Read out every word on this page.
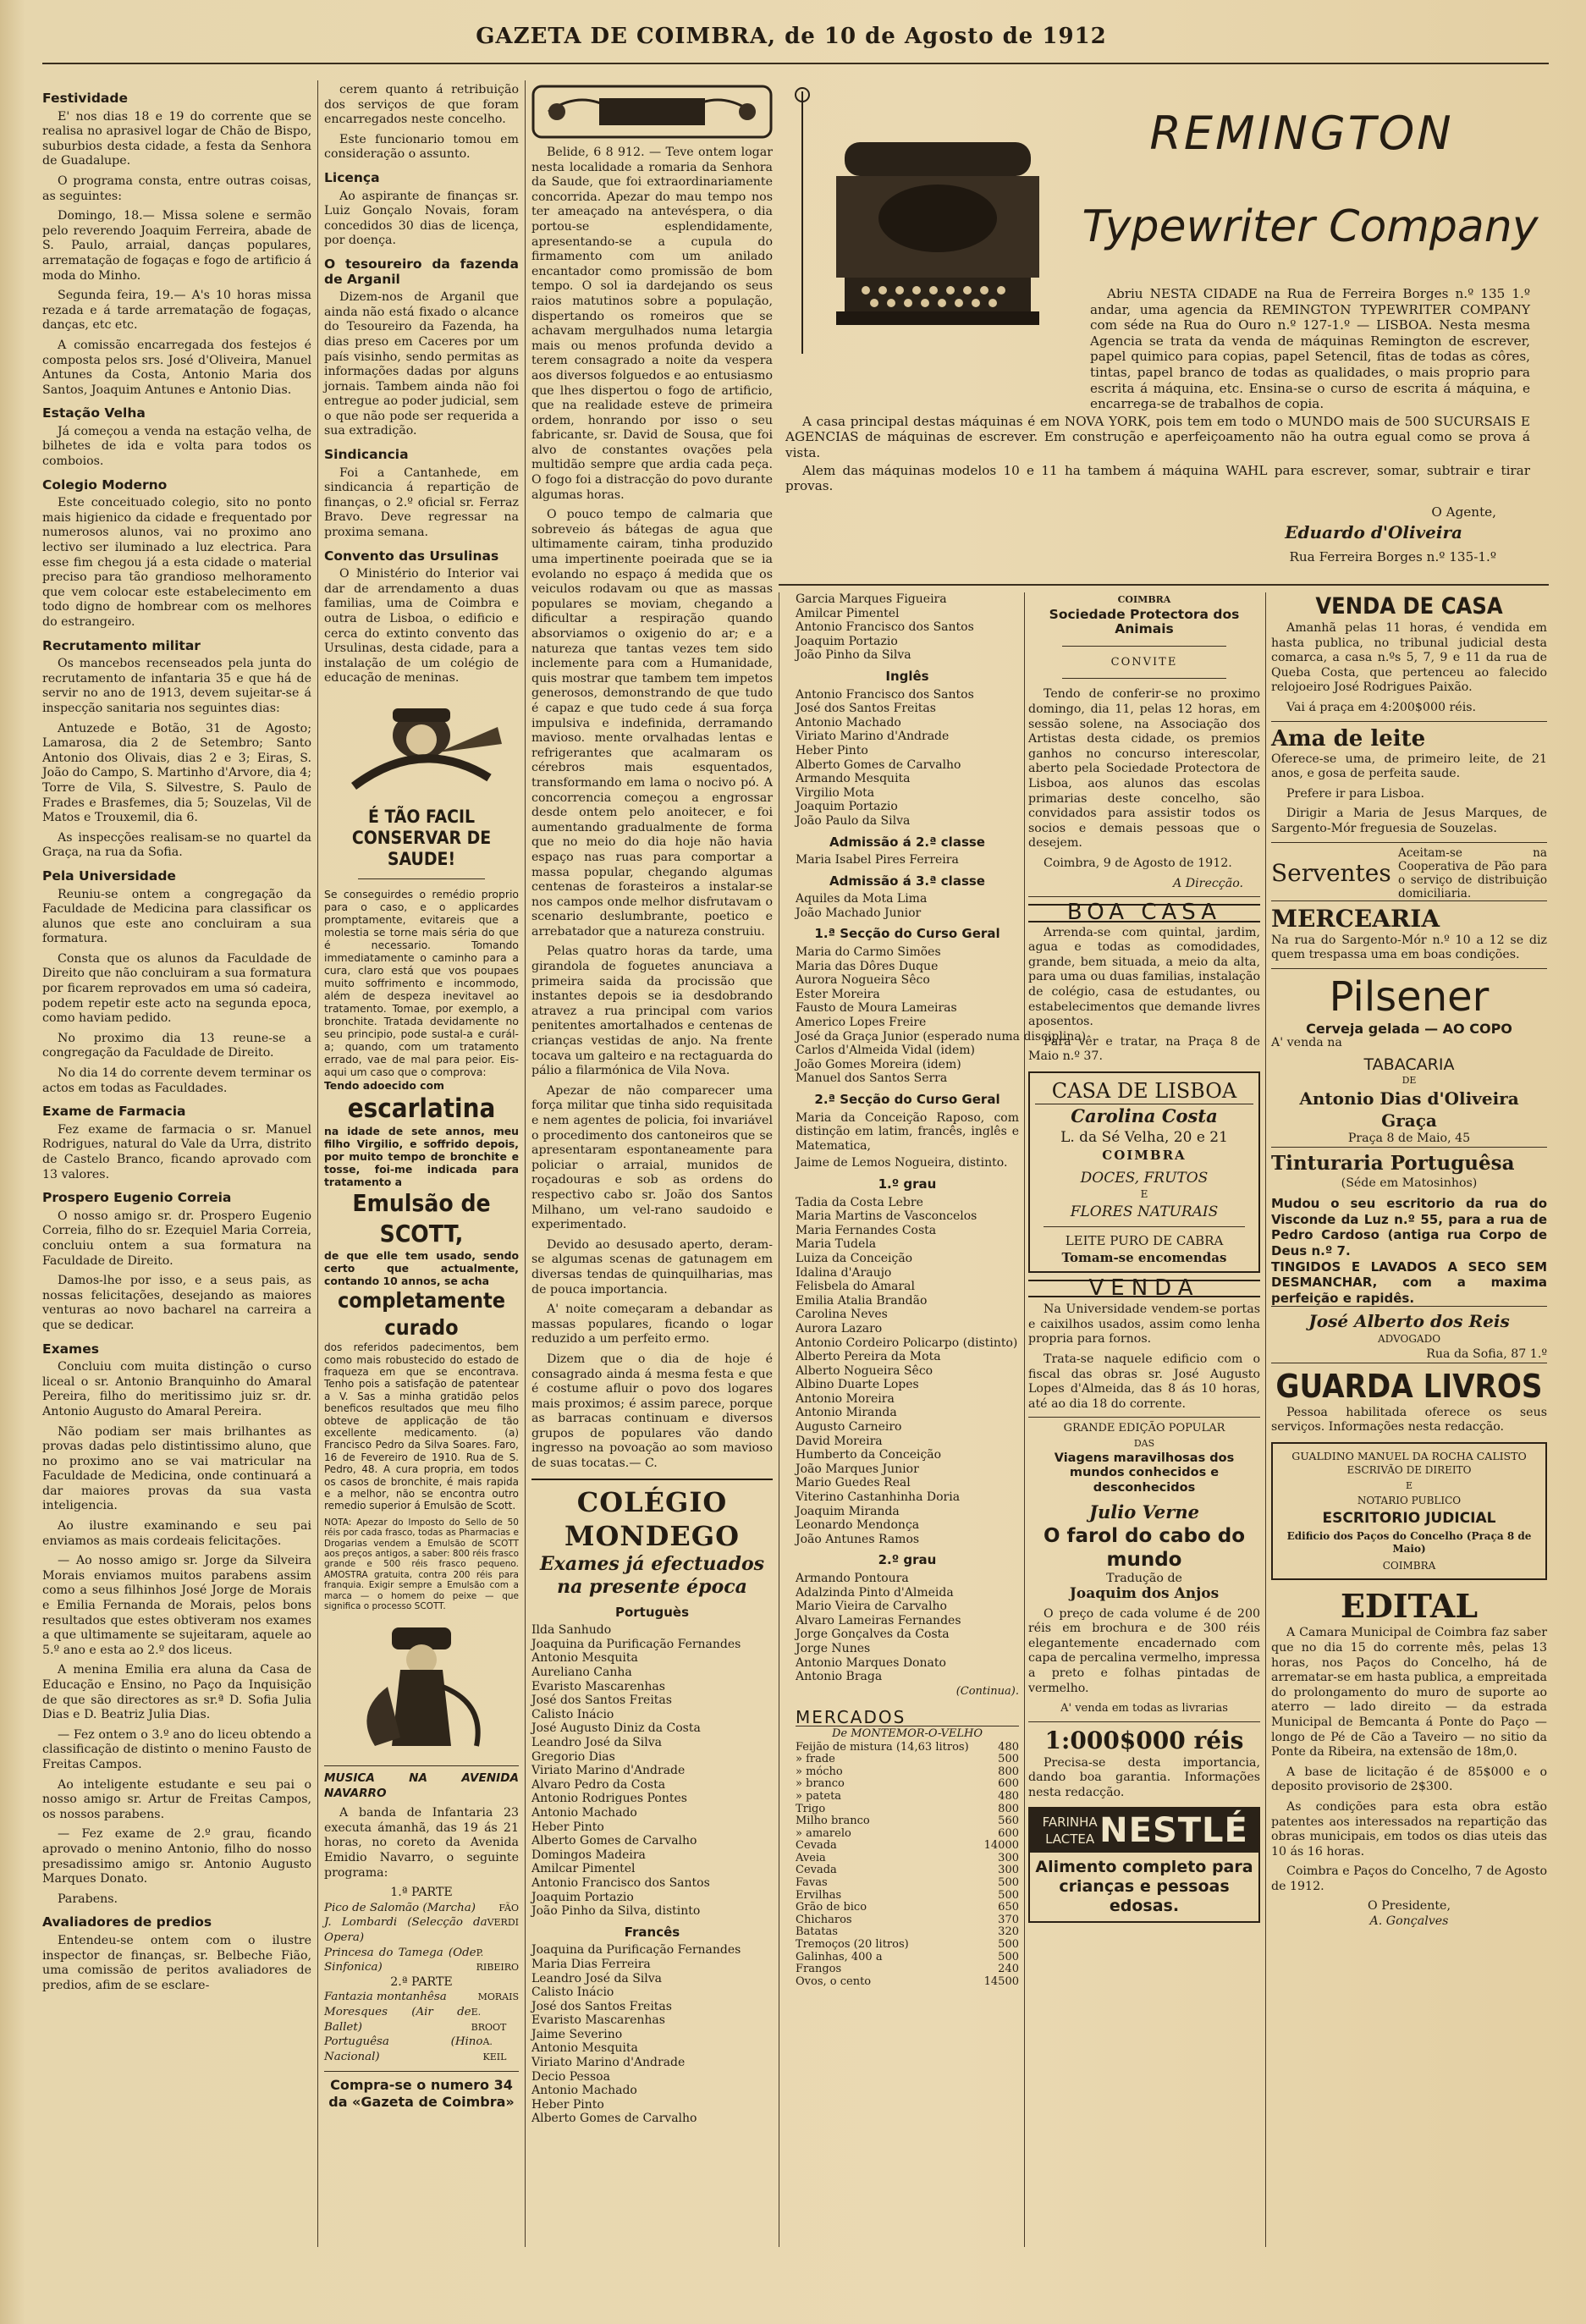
GAZETA DE COIMBRA, de 10 de Agosto de 1912
Festividade

E' nos dias 18 e 19 do corrente que se realisa no aprasivel logar de Chão de Bispo, suburbios desta cidade, a festa da Senhora de Guadalupe.

O programa consta, entre outras coisas, as seguintes:

Domingo, 18.— Missa solene e sermão pelo reverendo Joaquim Ferreira, abade de S. Paulo, arraial, danças populares, arrematação de fogaças e fogo de artificio á moda do Minho.

Segunda feira, 19.— A's 10 horas missa rezada e á tarde arrematação de fogaças, danças, etc etc.

A comissão encarregada dos festejos é composta pelos srs. José d'Oliveira, Manuel Antunes da Costa, Antonio Maria dos Santos, Joaquim Antunes e Antonio Dias.

Estação Velha

Já começou a venda na estação velha, de bilhetes de ida e volta para todos os comboios.

Colegio Moderno

Este conceituado colegio, sito no ponto mais higienico da cidade e frequentado por numerosos alunos, vai no proximo ano lectivo ser iluminado a luz electrica. Para esse fim chegou já a esta cidade o material preciso para tão grandioso melhoramento que vem colocar este estabelecimento em todo digno de hombrear com os melhores do estrangeiro.

Recrutamento militar

Os mancebos recenseados pela junta do recrutamento de infantaria 35 e que há de servir no ano de 1913, devem sujeitar-se á inspecção sanitaria nos seguintes dias:

Antuzede e Botão, 31 de Agosto; Lamarosa, dia 2 de Setembro; Santo Antonio dos Olivais, dias 2 e 3; Eiras, S. João do Campo, S. Martinho d'Arvore, dia 4; Torre de Vila, S. Silvestre, S. Paulo de Frades e Brasfemes, dia 5; Souzelas, Vil de Matos e Trouxemil, dia 6.

As inspecções realisam-se no quartel da Graça, na rua da Sofia.

Pela Universidade

Reuniu-se ontem a congregação da Faculdade de Medicina para classificar os alunos que este ano concluiram a sua formatura.

Consta que os alunos da Faculdade de Direito que não concluiram a sua formatura por ficarem reprovados em uma só cadeira, podem repetir este acto na segunda epoca, como haviam pedido.

No proximo dia 13 reune-se a congregação da Faculdade de Direito.

No dia 14 do corrente devem terminar os actos em todas as Faculdades.

Exame de Farmacia

Fez exame de farmacia o sr. Manuel Rodrigues, natural do Vale da Urra, distrito de Castelo Branco, ficando aprovado com 13 valores.

Prospero Eugenio Correia

O nosso amigo sr. dr. Prospero Eugenio Correia, filho do sr. Ezequiel Maria Correia, concluiu ontem a sua formatura na Faculdade de Direito.

Damos-lhe por isso, e a seus pais, as nossas felicitações, desejando as maiores venturas ao novo bacharel na carreira a que se dedicar.

Exames

Concluiu com muita distinção o curso liceal o sr. Antonio Branquinho do Amaral Pereira, filho do meritissimo juiz sr. dr. Antonio Augusto do Amaral Pereira.

Não podiam ser mais brilhantes as provas dadas pelo distintissimo aluno, que no proximo ano se vai matricular na Faculdade de Medicina, onde continuará a dar maiores provas da sua vasta inteligencia.

Ao ilustre examinando e seu pai enviamos as mais cordeais felicitações.

— Ao nosso amigo sr. Jorge da Silveira Morais enviamos muitos parabens assim como a seus filhinhos José Jorge de Morais e Emilia Fernanda de Morais, pelos bons resultados que estes obtiveram nos exames a que ultimamente se sujeitaram, aquele ao 5.º ano e esta ao 2.º dos liceus.

A menina Emilia era aluna da Casa de Educação e Ensino, no Paço da Inquisição de que são directores as sr.ª D. Sofia Julia Dias e D. Beatriz Julia Dias.

— Fez ontem o 3.º ano do liceu obtendo a classificação de distinto o menino Fausto de Freitas Campos.

Ao inteligente estudante e seu pai o nosso amigo sr. Artur de Freitas Campos, os nossos parabens.

— Fez exame de 2.º grau, ficando aprovado o menino Antonio, filho do nosso presadissimo amigo sr. Antonio Augusto Marques Donato.

Parabens.

Avaliadores de predios

Entendeu-se ontem com o ilustre inspector de finanças, sr. Belbeche Fião, uma comissão de peritos avaliadores de predios, afim de se esclare-

cerem quanto á retribuição dos serviços de que foram encarregados neste concelho.

Este funcionario tomou em consideração o assunto.

Licença

Ao aspirante de finanças sr. Luiz Gonçalo Novais, foram concedidos 30 dias de licença, por doença.

O tesoureiro da fazenda de Arganil

Dizem-nos de Arganil que ainda não está fixado o alcance do Tesoureiro da Fazenda, ha dias preso em Caceres por um país visinho, sendo permitas as informações dadas por alguns jornais. Tambem ainda não foi entregue ao poder judicial, sem o que não pode ser requerida a sua extradição.

Sindicancia

Foi a Cantanhede, em sindicancia á repartição de finanças, o 2.º oficial sr. Ferraz Bravo. Deve regressar na proxima semana.

Convento das Ursulinas

O Ministério do Interior vai dar de arrendamento a duas familias, uma de Coimbra e outra de Lisboa, o edificio e cerca do extinto convento das Ursulinas, desta cidade, para a instalação de um colégio de educação de meninas.

É TÃO FACIL CONSERVAR DE SAUDE!
Se conseguirdes o remédio proprio para o caso, e o applicardes promptamente, evitareis que a molestia se torne mais séria do que é necessario. Tomando immediatamente o caminho para a cura, claro está que vos poupaes muito soffrimento e incommodo, além de despeza inevitavel ao tratamento. Tomae, por exemplo, a bronchite. Tratada devidamente no seu principio, pode sustal-a e curál-a; quando, com um tratamento errado, vae de mal para peior. Eis-aqui um caso que o comprova:
Tendo adoecido com
escarlatina
na idade de sete annos, meu filho Virgilio, e soffrido depois, por muito tempo de bronchite e tosse, foi-me indicada para tratamento a
Emulsão de SCOTT,
de que elle tem usado, sendo certo que actualmente, contando 10 annos, se acha
completamente curado
dos referidos padecimentos, bem como mais robustecido do estado de fraqueza em que se encontrava. Tenho pois a satisfação de patentear a V. Sas a minha gratidão pelos beneficos resultados que meu filho obteve de applicação de tão excellente medicamento. (a) Francisco Pedro da Silva Soares. Faro, 16 de Fevereiro de 1910. Rua de S. Pedro, 48. A cura propria, em todos os casos de bronchite, é mais rapida e a melhor, não se encontra outro remedio superior á Emulsão de Scott.
NOTA: Apezar do Imposto do Sello de 50 réis por cada frasco, todas as Pharmacias e Drogarias vendem a Emulsão de SCOTT aos preços antigos, a saber: 800 réis frasco grande e 500 réis frasco pequeno. AMOSTRA gratuita, contra 200 réis para franquia. Exigir sempre a Emulsão com a marca — o homem do peixe — que significa o processo SCOTT.
MUSICA NA AVENIDA NAVARRO

A banda de Infantaria 23 executa ámanhã, das 19 ás 21 horas, no coreto da Avenida Emidio Navarro, o seguinte programa:

1.ª PARTE
Pico de Salomão (Marcha) FÃO
J. Lombardi (Selecção da Opera)
VERDI
Princesa do Tamega (Ode Sinfonica)
P. RIBEIRO
2.ª PARTE
Fantazia montanhêsa	MORAIS
Moresques (Air de Ballet)
E. BROOT
Portuguêsa (Hino Nacional)
A. KEIL
Compra-se o numero 34 da «Gazeta de Coimbra»

Belide, 6 8 912. — Teve ontem logar nesta localidade a romaria da Senhora da Saude, que foi extraordinariamente concorrida. Apezar do mau tempo nos ter ameaçado na antevéspera, o dia portou-se esplendidamente, apresentando-se a cupula do firmamento com um anilado encantador como promissão de bom tempo. O sol ia dardejando os seus raios matutinos sobre a população, dispertando os romeiros que se achavam mergulhados numa letargia mais ou menos profunda devido a terem consagrado a noite da vespera aos diversos folguedos e ao entusiasmo que lhes dispertou o fogo de artificio, que na realidade esteve de primeira ordem, honrando por isso o seu fabricante, sr. David de Sousa, que foi alvo de constantes ovações pela multidão sempre que ardia cada peça. O fogo foi a distracção do povo durante algumas horas.

O pouco tempo de calmaria que sobreveio ás bátegas de agua que ultimamente cairam, tinha produzido uma impertinente poeirada que se ia evolando no espaço á medida que os veiculos rodavam ou que as massas populares se moviam, chegando a dificultar a respiração quando absorviamos o oxigenio do ar; e a natureza que tantas vezes tem sido inclemente para com a Humanidade, quis mostrar que tambem tem impetos generosos, demonstrando de que tudo é capaz e que tudo cede á sua força impulsiva e indefinida, derramando mavioso. mente orvalhadas lentas e refrigerantes que acalmaram os cérebros mais esquentados, transformando em lama o nocivo pó. A concorrencia começou a engrossar desde ontem pelo anoitecer, e foi aumentando gradualmente de forma que no meio do dia hoje não havia espaço nas ruas para comportar a massa popular, chegando algumas centenas de forasteiros a instalar-se nos campos onde melhor disfrutavam o scenario deslumbrante, poetico e arrebatador que a natureza construiu.

Pelas quatro horas da tarde, uma girandola de foguetes anunciava a primeira saida da procissão que instantes depois se ia desdobrando atravez a rua principal com varios penitentes amortalhados e centenas de crianças vestidas de anjo. Na frente tocava um galteiro e na rectaguarda do pálio a filarmónica de Vila Nova.

Apezar de não comparecer uma força militar que tinha sido requisitada e nem agentes de policia, foi invariável o procedimento dos cantoneiros que se apresentaram espontaneamente para policiar o arraial, munidos de roçadouras e sob as ordens do respectivo cabo sr. João dos Santos Milhano, um vel-rano saudoido e experimentado.

Devido ao desusado aperto, deram-se algumas scenas de gatunagem em diversas tendas de quinquilharias, mas de pouca importancia.

A' noite começaram a debandar as massas populares, ficando o logar reduzido a um perfeito ermo.

Dizem que o dia de hoje é consagrado ainda á mesma festa e que é costume afluir o povo dos logares mais proximos; é assim parece, porque as barracas continuam e diversos grupos de populares vão dando ingresso na povoação ao som mavioso de suas tocatas.— C.

COLÉGIO MONDEGO
Exames já efectuados na presente época
Portuguès
Ilda Sanhudo
Joaquina da Purificação Fernandes
Antonio Mesquita
Aureliano Canha
Evaristo Mascarenhas
José dos Santos Freitas
Calisto Inácio
José Augusto Diniz da Costa
Leandro José da Silva
Gregorio Dias
Viriato Marino d'Andrade
Alvaro Pedro da Costa
Antonio Rodrigues Pontes
Antonio Machado
Heber Pinto
Alberto Gomes de Carvalho
Domingos Madeira
Amilcar Pimentel
Antonio Francisco dos Santos
Joaquim Portazio
João Pinho da Silva, distinto
Francês
Joaquina da Purificação Fernandes
Maria Dias Ferreira
Leandro José da Silva
Calisto Inácio
José dos Santos Freitas
Evaristo Mascarenhas
Jaime Severino
Antonio Mesquita
Viriato Marino d'Andrade
Decio Pessoa
Antonio Machado
Heber Pinto
Alberto Gomes de Carvalho
REMINGTON
Typewriter Company
Abriu NESTA CIDADE na Rua de Ferreira Borges n.º 135 1.º andar, uma agencia da REMINGTON TYPEWRITER COMPANY com séde na Rua do Ouro n.º 127-1.º — LISBOA. Nesta mesma Agencia se trata da venda de máquinas Remington de escrever, papel quimico para copias, papel Setencil, fitas de todas as côres, tintas, papel branco de todas as qualidades, o mais proprio para escrita á máquina, etc. Ensina-se o curso de escrita á máquina, e encarrega-se de trabalhos de copia.
A casa principal destas máquinas é em NOVA YORK, pois tem em todo o MUNDO mais de 500 SUCURSAIS E AGENCIAS de máquinas de escrever. Em construção e aperfeiçoamento não ha outra egual como se prova á vista.
Alem das máquinas modelos 10 e 11 ha tambem á máquina WAHL para escrever, somar, subtrair e tirar provas.
O Agente,
Eduardo d'Oliveira
Rua Ferreira Borges n.º 135-1.º
Garcia Marques Figueira
Amilcar Pimentel
Antonio Francisco dos Santos
Joaquim Portazio
João Pinho da Silva
Inglês
Antonio Francisco dos Santos
José dos Santos Freitas
Antonio Machado
Viriato Marino d'Andrade
Heber Pinto
Alberto Gomes de Carvalho
Armando Mesquita
Virgilio Mota
Joaquim Portazio
João Paulo da Silva
Admissão á 2.ª classe
Maria Isabel Pires Ferreira
Admissão á 3.ª classe
Aquiles da Mota Lima
João Machado Junior
1.ª Secção do Curso Geral
Maria do Carmo Simões
Maria das Dôres Duque
Aurora Nogueira Sêco
Ester Moreira
Fausto de Moura Lameiras
Americo Lopes Freire
José da Graça Junior (esperado numa disciplina)
Carlos d'Almeida Vidal (idem)
João Gomes Moreira (idem)
Manuel dos Santos Serra
2.ª Secção do Curso Geral
Maria da Conceição Raposo, com distinção em latim, francês, inglês e Matematica,
Jaime de Lemos Nogueira, distinto.
1.º grau
Tadia da Costa Lebre
Maria Martins de Vasconcelos
Maria Fernandes Costa
Maria Tudela
Luiza da Conceição
Idalina d'Araujo
Felisbela do Amaral
Emilia Atalia Brandão
Carolina Neves
Aurora Lazaro
Antonio Cordeiro Policarpo (distinto)
Alberto Pereira da Mota
Alberto Nogueira Sêco
Albino Duarte Lopes
Antonio Moreira
Antonio Miranda
Augusto Carneiro
David Moreira
Humberto da Conceição
João Marques Junior
Mario Guedes Real
Viterino Castanhinha Doria
Joaquim Miranda
Leonardo Mendonça
João Antunes Ramos
2.º grau
Armando Pontoura
Adalzinda Pinto d'Almeida
Mario Vieira de Carvalho
Alvaro Lameiras Fernandes
Jorge Gonçalves da Costa
Jorge Nunes
Antonio Marques Donato
Antonio Braga
(Continua).
MERCADOS
De MONTEMOR-O-VELHO
Feijão de mistura (14,63 litros)	480
» frade	500
» mócho	800
» branco	600
» pateta	480
Trigo	800
Milho branco	560
» amarelo	600
Cevada	14000
Aveia	300
Cevada	300
Favas	500
Ervilhas	500
Grão de bico	650
Chicharos	370
Batatas	320
Tremoços (20 litros)	500
Galinhas, 400 a	500
Frangos	240
Ovos, o cento	14500
COIMBRA
Sociedade Protectora dos Animais
CONVITE

Tendo de conferir-se no proximo domingo, dia 11, pelas 12 horas, em sessão solene, na Associação dos Artistas desta cidade, os premios ganhos no concurso interescolar, aberto pela Sociedade Protectora de Lisboa, aos alunos das escolas primarias deste concelho, são convidados para assistir todos os socios e demais pessoas que o desejem.

Coimbra, 9 de Agosto de 1912.

A Direcção.
BOA CASA

Arrenda-se com quintal, jardim, agua e todas as comodidades, grande, bem situada, a meio da alta, para uma ou duas familias, instalação de colégio, casa de estudantes, ou estabelecimentos que demande livres aposentos.

Para vêr e tratar, na Praça 8 de Maio n.º 37.

CASA DE LISBOA
Carolina Costa
L. da Sé Velha, 20 e 21
COIMBRA
DOCES, FRUTOS
E
FLORES NATURAIS
LEITE PURO DE CABRA
Tomam-se encomendas
VENDA

Na Universidade vendem-se portas e caixilhos usados, assim como lenha propria para fornos.

Trata-se naquele edificio com o fiscal das obras sr. José Augusto Lopes d'Almeida, das 8 ás 10 horas, até ao dia 18 do corrente.

GRANDE EDIÇÃO POPULAR
DAS
Viagens maravilhosas dos mundos conhecidos e desconhecidos
Julio Verne
O farol do cabo do mundo
Tradução de
Joaquim dos Anjos

O preço de cada volume é de 200 réis em brochura e de 300 réis elegantemente encadernado com capa de percalina vermelho, impressa a preto e folhas pintadas de vermelho.

A' venda em todas as livrarias
1:000$000 réis

Precisa-se desta importancia, dando boa garantia. Informações nesta redacção.

FARINHA LACTEA NESTLÉ
Alimento completo para crianças e pessoas edosas.
VENDA DE CASA

Amanhã pelas 11 horas, é vendida em hasta publica, no tribunal judicial desta comarca, a casa n.ºs 5, 7, 9 e 11 da rua de Queba Costa, que pertenceu ao falecido relojoeiro José Rodrigues Paixão.

Vai á praça em 4:200$000 réis.

Ama de leite

Oferece-se uma, de primeiro leite, de 21 anos, e gosa de perfeita saude.

Prefere ir para Lisboa.

Dirigir a Maria de Jesus Marques, de Sargento-Mór freguesia de Souzelas.

Serventes
Aceitam-se na Cooperativa de Pão para o serviço de distribuição domiciliaria.
MERCEARIA

Na rua do Sargento-Mór n.º 10 a 12 se diz quem trespassa uma em boas condições.

Pilsener
Cerveja gelada — AO COPO
A' venda na
TABACARIA
DE
Antonio Dias d'Oliveira Graça
Praça 8 de Maio, 45
Tinturaria Portuguêsa
(Séde em Matosinhos)
Mudou o seu escritorio da rua do Visconde da Luz n.º 55, para a rua de Pedro Cardoso (antiga rua Corpo de Deus n.º 7.
TINGIDOS E LAVADOS A SECO SEM DESMANCHAR, com a maxima perfeição e rapidês.
José Alberto dos Reis
ADVOGADO
Rua da Sofia, 87 1.º
GUARDA LIVROS

Pessoa habilitada oferece os seus serviços. Informações nesta redacção.

GUALDINO MANUEL DA ROCHA CALISTO
ESCRIVÃO DE DIREITO
E
NOTARIO PUBLICO
ESCRITORIO JUDICIAL
Edificio dos Paços do Concelho (Praça 8 de Maio)
COIMBRA
EDITAL

A Camara Municipal de Coimbra faz saber que no dia 15 do corrente mês, pelas 13 horas, nos Paços do Concelho, há de arrematar-se em hasta publica, a empreitada do prolongamento do muro de suporte ao aterro — lado direito — da estrada Municipal de Bemcanta á Ponte do Paço — longo de Pé de Cão a Taveiro — no sitio da Ponte da Ribeira, na extensão de 18m,0.

A base de licitação é de 85$000 e o deposito provisorio de 2$300.

As condições para esta obra estão patentes aos interessados na repartição das obras municipais, em todos os dias uteis das 10 ás 16 horas.

Coimbra e Paços do Concelho, 7 de Agosto de 1912.

O Presidente,
A. Gonçalves
